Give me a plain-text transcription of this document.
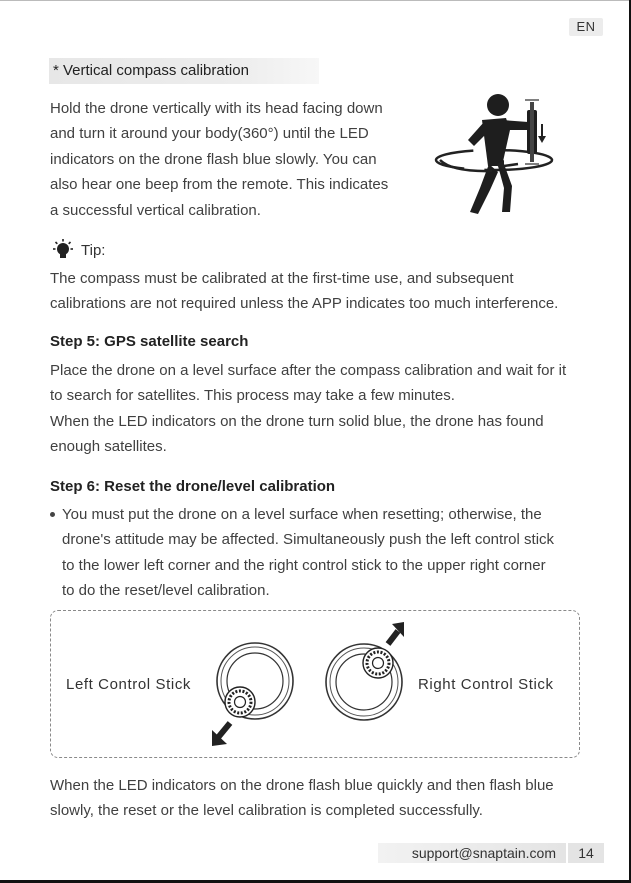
EN
* Vertical compass calibration

Hold the drone vertically with its head facing down
and turn it around your body(360°) until the LED
indicators on the drone flash blue slowly. You can
also hear one beep from the remote. This indicates
a successful vertical calibration.

Tip:

The compass must be calibrated at the first-time use, and subsequent
calibrations are not required unless the APP indicates too much interference.

Step 5: GPS satellite search

Place the drone on a level surface after the compass calibration and wait for it
to search for satellites. This process may take a few minutes.
When the LED indicators on the drone turn solid blue, the drone has found
enough satellites.

Step 6: Reset the drone/level calibration

You must put the drone on a level surface when resetting; otherwise, the
drone's attitude may be affected. Simultaneously push the left control stick
to the lower left corner and the right control stick to the upper right corner
to do the reset/level calibration.

Left Control Stick	Right Control Stick

When the LED indicators on the drone flash blue quickly and then flash blue
slowly, the reset or the level calibration is completed successfully.

support@snaptain.com	14
